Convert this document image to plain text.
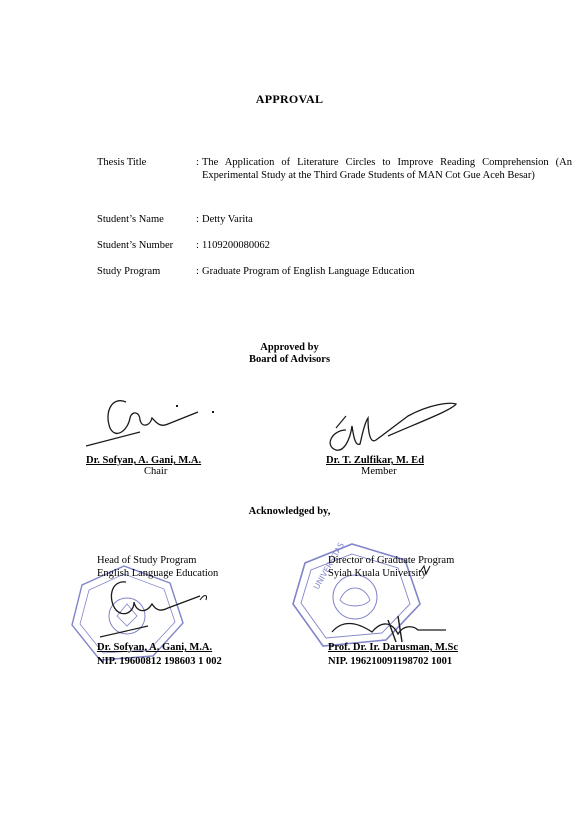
APPROVAL
Thesis Title	: The Application of Literature Circles to Improve Reading Comprehension (An Experimental Study at the Third Grade Students of MAN Cot Gue Aceh Besar)
Student’s Name	: Detty Varita
Student’s Number	: 1109200080062
Study Program	: Graduate Program of English Language Education
Approved by
Board of Advisors
UNIVERSITAS
Dr. Sofyan, A. Gani, M.A.
Chair
Dr. T. Zulfikar, M. Ed
Member
Acknowledged by,
Head of Study Program
English Language Education
Dr. Sofyan, A. Gani, M.A.
NIP. 19600812 198603 1 002
Director of Graduate Program
Syiah Kuala University
Prof. Dr. Ir. Darusman, M.Sc
NIP. 196210091198702 1001
